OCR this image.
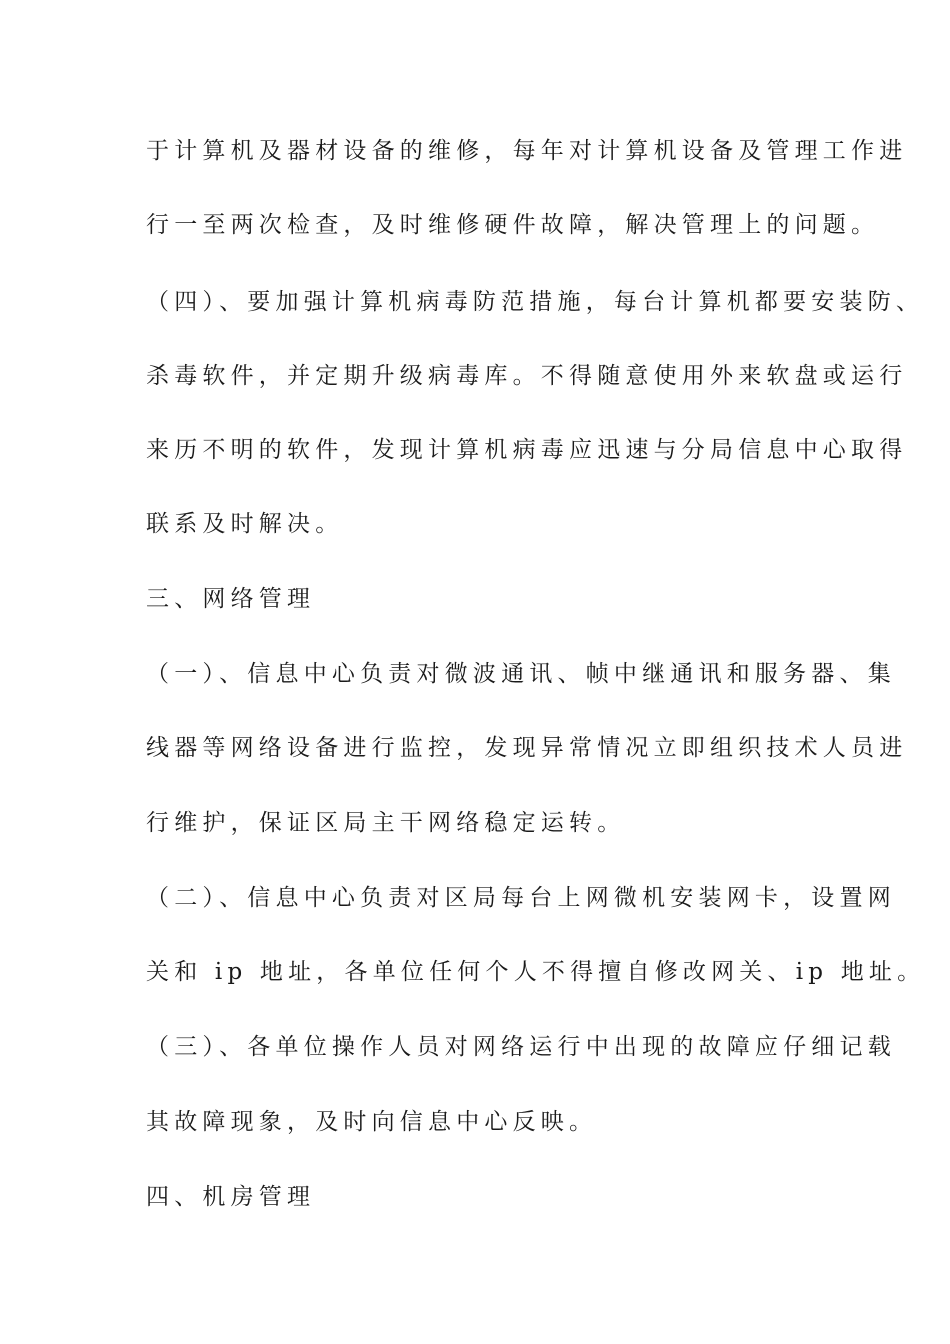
于计算机及器材设备的维修，每年对计算机设备及管理工作进
行一至两次检查，及时维修硬件故障，解决管理上的问题。
（四）、要加强计算机病毒防范措施，每台计算机都要安装防、
杀毒软件，并定期升级病毒库。不得随意使用外来软盘或运行
来历不明的软件，发现计算机病毒应迅速与分局信息中心取得
联系及时解决。
三、网络管理
（一）、信息中心负责对微波通讯、帧中继通讯和服务器、集
线器等网络设备进行监控，发现异常情况立即组织技术人员进
行维护，保证区局主干网络稳定运转。
（二）、信息中心负责对区局每台上网微机安装网卡，设置网
关和 ip 地址，各单位任何个人不得擅自修改网关、ip 地址。
（三）、各单位操作人员对网络运行中出现的故障应仔细记载
其故障现象，及时向信息中心反映。
四、机房管理
